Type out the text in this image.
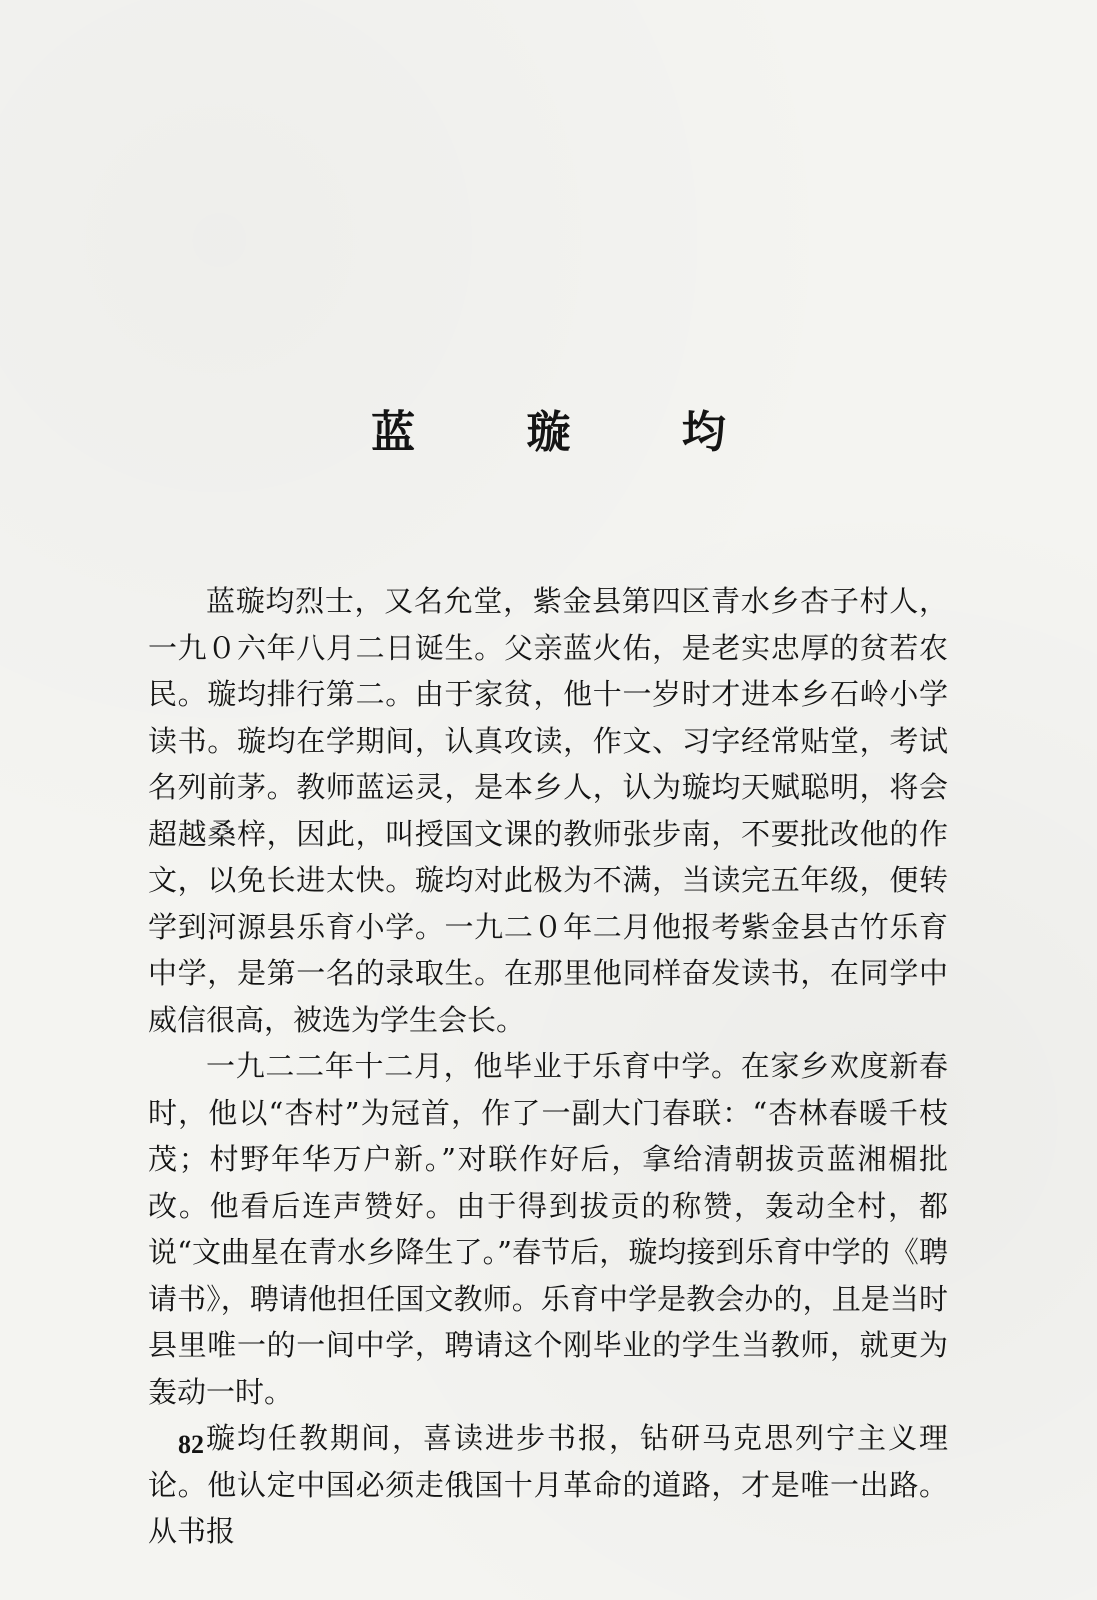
蓝 璇 均

蓝璇均烈士，又名允堂，紫金县第四区青水乡杏子村人，一九０六年八月二日诞生。父亲蓝火佑，是老实忠厚的贫若农民。璇均排行第二。由于家贫，他十一岁时才进本乡石岭小学读书。璇均在学期间，认真攻读，作文、习字经常贴堂，考试名列前茅。教师蓝运灵，是本乡人，认为璇均天赋聪明，将会超越桑梓，因此，叫授国文课的教师张步南，不要批改他的作文，以免长进太快。璇均对此极为不满，当读完五年级，便转学到河源县乐育小学。一九二０年二月他报考紫金县古竹乐育中学，是第一名的录取生。在那里他同样奋发读书，在同学中威信很高，被选为学生会长。

一九二二年十二月，他毕业于乐育中学。在家乡欢度新春时，他以“杏村”为冠首，作了一副大门春联：“杏林春暖千枝茂；村野年华万户新。”对联作好后，拿给清朝拔贡蓝湘楣批改。他看后连声赞好。由于得到拔贡的称赞，轰动全村，都说“文曲星在青水乡降生了。”春节后，璇均接到乐育中学的《聘请书》，聘请他担任国文教师。乐育中学是教会办的，且是当时县里唯一的一间中学，聘请这个刚毕业的学生当教师，就更为轰动一时。

璇均任教期间，喜读进步书报，钻研马克思列宁主义理论。他认定中国必须走俄国十月革命的道路，才是唯一出路。从书报

82
